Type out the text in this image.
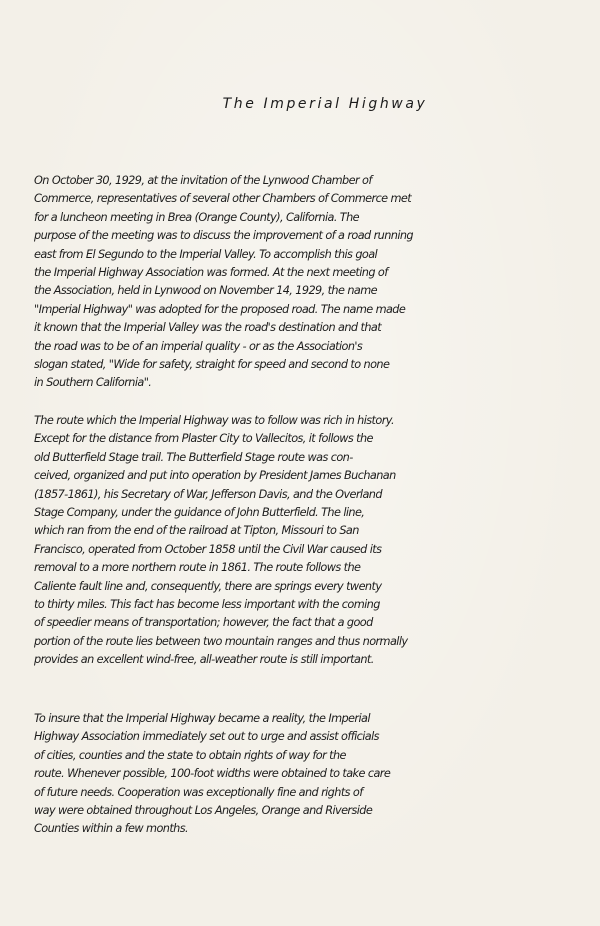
The Imperial Highway
On October 30, 1929, at the invitation of the Lynwood Chamber of
Commerce, representatives of several other Chambers of Commerce met
for a luncheon meeting in Brea (Orange County), California. The
purpose of the meeting was to discuss the improvement of a road running
east from El Segundo to the Imperial Valley. To accomplish this goal
the Imperial Highway Association was formed. At the next meeting of
the Association, held in Lynwood on November 14, 1929, the name
"Imperial Highway" was adopted for the proposed road. The name made
it known that the Imperial Valley was the road's destination and that
the road was to be of an imperial quality - or as the Association's
slogan stated, "Wide for safety, straight for speed and second to none
in Southern California".
The route which the Imperial Highway was to follow was rich in history.
Except for the distance from Plaster City to Vallecitos, it follows the
old Butterfield Stage trail. The Butterfield Stage route was con-
ceived, organized and put into operation by President James Buchanan
(1857-1861), his Secretary of War, Jefferson Davis, and the Overland
Stage Company, under the guidance of John Butterfield. The line,
which ran from the end of the railroad at Tipton, Missouri to San
Francisco, operated from October 1858 until the Civil War caused its
removal to a more northern route in 1861. The route follows the
Caliente fault line and, consequently, there are springs every twenty
to thirty miles. This fact has become less important with the coming
of speedier means of transportation; however, the fact that a good
portion of the route lies between two mountain ranges and thus normally
provides an excellent wind-free, all-weather route is still important.
To insure that the Imperial Highway became a reality, the Imperial
Highway Association immediately set out to urge and assist officials
of cities, counties and the state to obtain rights of way for the
route. Whenever possible, 100-foot widths were obtained to take care
of future needs. Cooperation was exceptionally fine and rights of
way were obtained throughout Los Angeles, Orange and Riverside
Counties within a few months.
